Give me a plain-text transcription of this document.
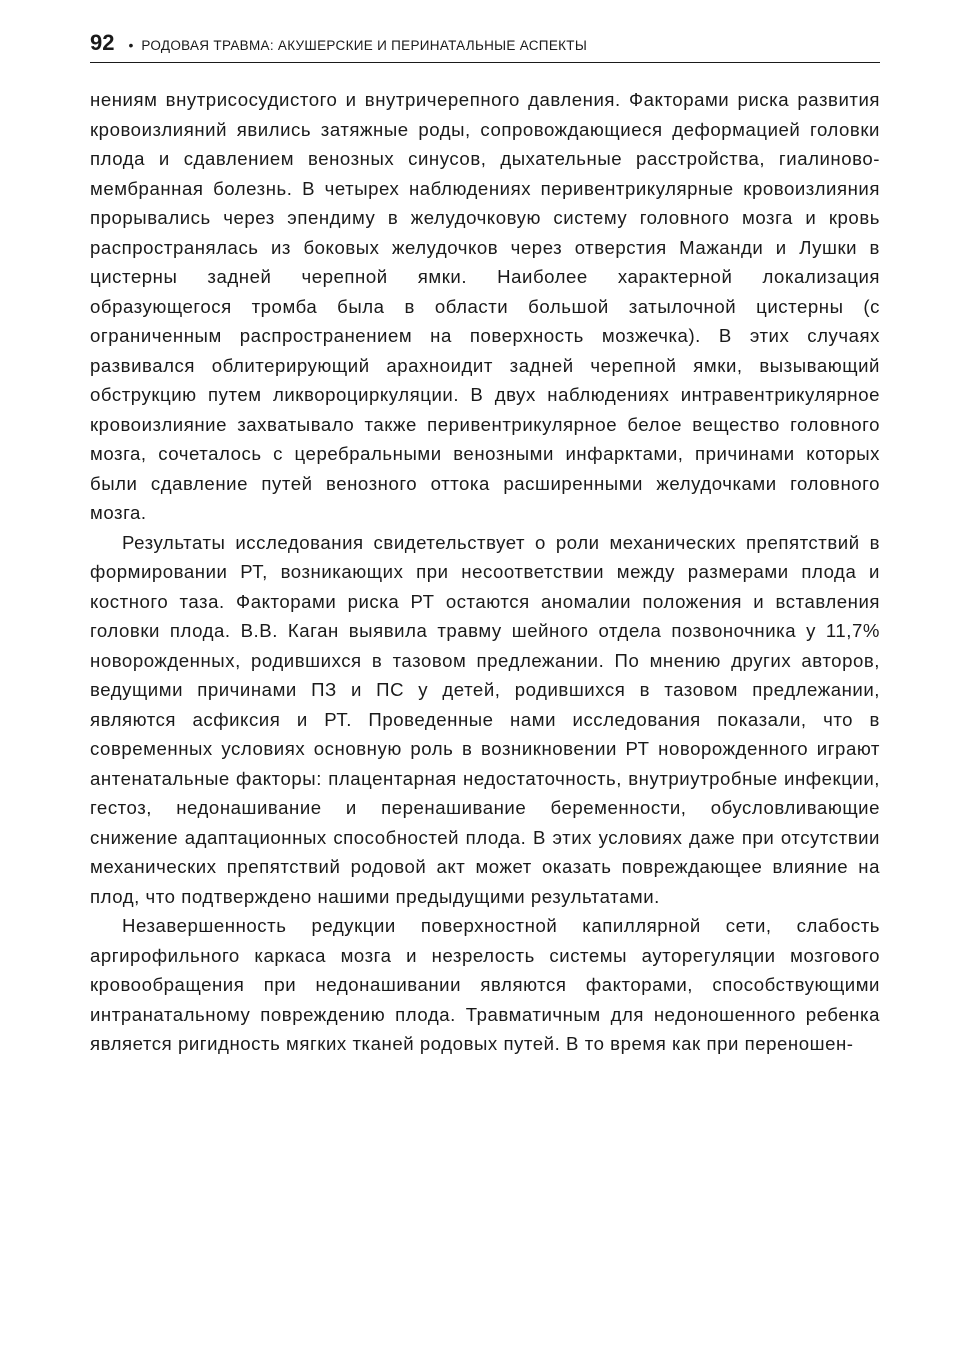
92 • РОДОВАЯ ТРАВМА: АКУШЕРСКИЕ И ПЕРИНАТАЛЬНЫЕ АСПЕКТЫ

нениям внутрисосудистого и внутричерепного давления. Факторами риска развития кровоизлияний явились затяжные роды, сопровождающиеся деформацией головки плода и сдавлением венозных синусов, дыхательные расстройства, гиалиново-мембранная болезнь. В четырех наблюдениях перивентрикулярные кровоизлияния прорывались через эпендиму в желудочковую систему головного мозга и кровь распространялась из боковых желудочков через отверстия Мажанди и Лушки в цистерны задней черепной ямки. Наиболее характерной локализация образующегося тромба была в области большой затылочной цистерны (с ограниченным распространением на поверхность мозжечка). В этих случаях развивался облитерирующий арахноидит задней черепной ямки, вызывающий обструкцию путем ликвороциркуляции. В двух наблюдениях интравентрикулярное кровоизлияние захватывало также перивентрикулярное белое вещество головного мозга, сочеталось с церебральными венозными инфарктами, причинами которых были сдавление путей венозного оттока расширенными желудочками головного мозга.

Результаты исследования свидетельствует о роли механических препятствий в формировании РТ, возникающих при несоответствии между размерами плода и костного таза. Факторами риска РТ остаются аномалии положения и вставления головки плода. В.В. Каган выявила травму шейного отдела позвоночника у 11,7% новорожденных, родившихся в тазовом предлежании. По мнению других авторов, ведущими причинами ПЗ и ПС у детей, родившихся в тазовом предлежании, являются асфиксия и РТ. Проведенные нами исследования показали, что в современных условиях основную роль в возникновении РТ новорожденного играют антенатальные факторы: плацентарная недостаточность, внутриутробные инфекции, гестоз, недонашивание и перенашивание беременности, обусловливающие снижение адаптационных способностей плода. В этих условиях даже при отсутствии механических препятствий родовой акт может оказать повреждающее влияние на плод, что подтверждено нашими предыдущими результатами.

Незавершенность редукции поверхностной капиллярной сети, слабость аргирофильного каркаса мозга и незрелость системы ауторегуляции мозгового кровообращения при недонашивании являются факторами, способствующими интранатальному повреждению плода. Травматичным для недоношенного ребенка является ригидность мягких тканей родовых путей. В то время как при переношен-
